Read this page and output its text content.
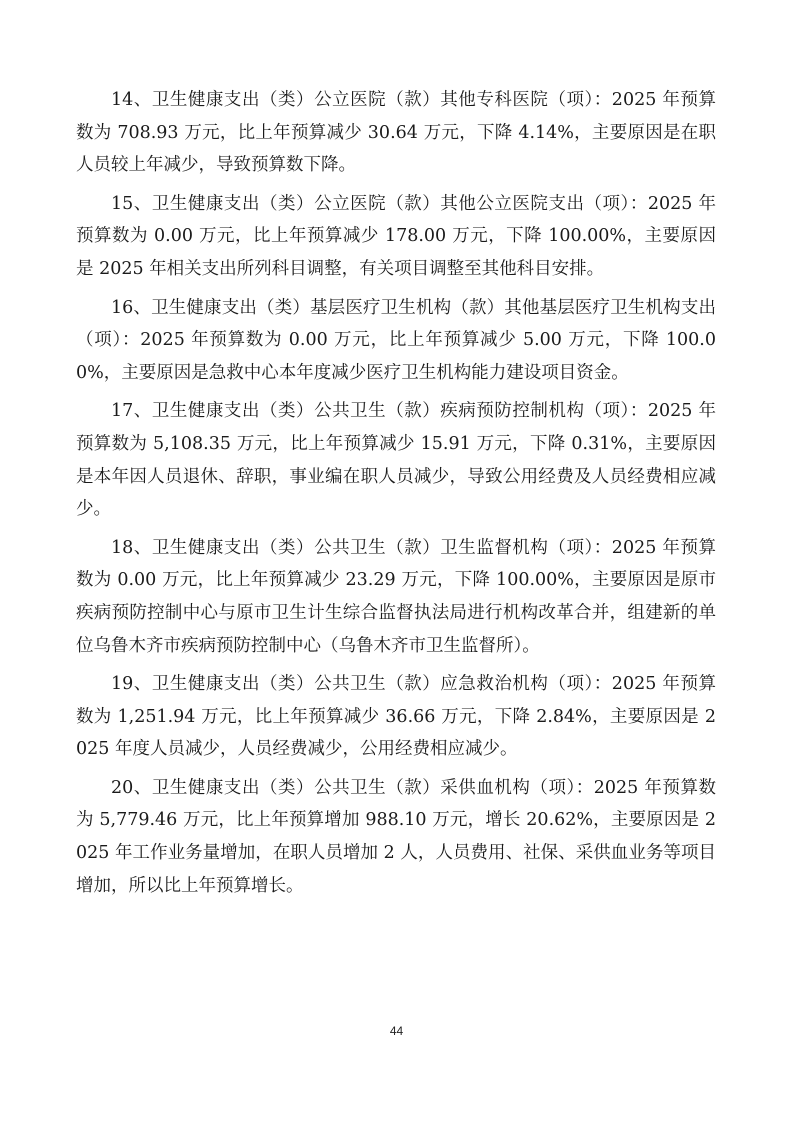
14、卫生健康支出（类）公立医院（款）其他专科医院（项）：2025 年预算数为 708.93 万元，比上年预算减少 30.64 万元，下降 4.14%，主要原因是在职人员较上年减少，导致预算数下降。

15、卫生健康支出（类）公立医院（款）其他公立医院支出（项）：2025 年预算数为 0.00 万元，比上年预算减少 178.00 万元，下降 100.00%，主要原因是 2025 年相关支出所列科目调整，有关项目调整至其他科目安排。

16、卫生健康支出（类）基层医疗卫生机构（款）其他基层医疗卫生机构支出（项）：2025 年预算数为 0.00 万元，比上年预算减少 5.00 万元，下降 100.00%，主要原因是急救中心本年度减少医疗卫生机构能力建设项目资金。

17、卫生健康支出（类）公共卫生（款）疾病预防控制机构（项）：2025 年预算数为 5,108.35 万元，比上年预算减少 15.91 万元，下降 0.31%，主要原因是本年因人员退休、辞职，事业编在职人员减少，导致公用经费及人员经费相应减少。

18、卫生健康支出（类）公共卫生（款）卫生监督机构（项）：2025 年预算数为 0.00 万元，比上年预算减少 23.29 万元，下降 100.00%，主要原因是原市疾病预防控制中心与原市卫生计生综合监督执法局进行机构改革合并，组建新的单位乌鲁木齐市疾病预防控制中心（乌鲁木齐市卫生监督所）。

19、卫生健康支出（类）公共卫生（款）应急救治机构（项）：2025 年预算数为 1,251.94 万元，比上年预算减少 36.66 万元，下降 2.84%，主要原因是 2025 年度人员减少，人员经费减少，公用经费相应减少。

20、卫生健康支出（类）公共卫生（款）采供血机构（项）：2025 年预算数为 5,779.46 万元，比上年预算增加 988.10 万元，增长 20.62%，主要原因是 2025 年工作业务量增加，在职人员增加 2 人，人员费用、社保、采供血业务等项目增加，所以比上年预算增长。

44
